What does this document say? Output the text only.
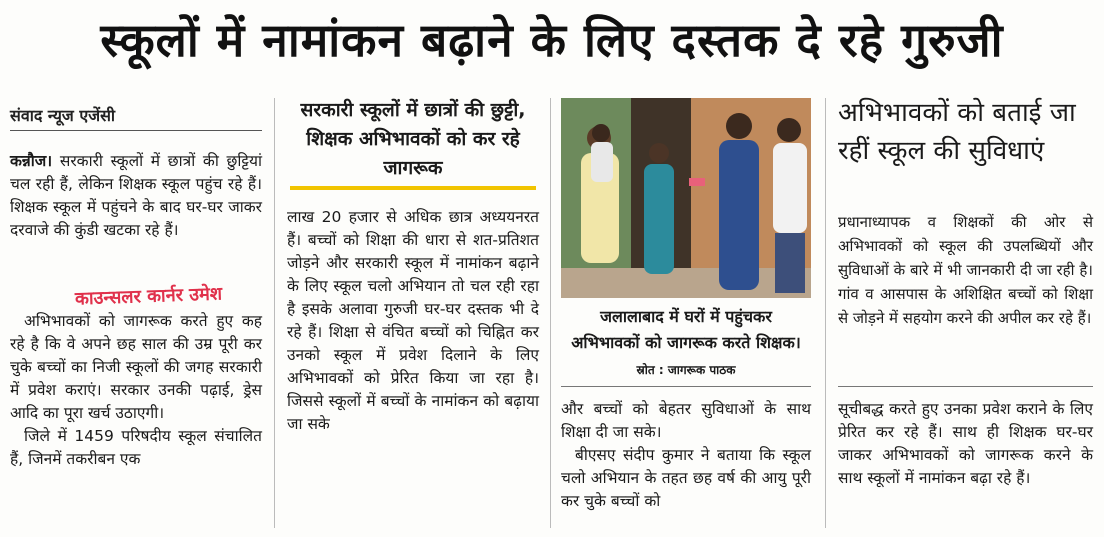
स्कूलों में नामांकन बढ़ाने के लिए दस्तक दे रहे गुरुजी
संवाद न्यूज एजेंसी

कन्नौज। सरकारी स्कूलों में छात्रों की छुट्टियां चल रही हैं, लेकिन शिक्षक स्कूल पहुंच रहे हैं। शिक्षक स्कूल में पहुंचने के बाद घर-घर जाकर दरवाजे की कुंडी खटका रहे हैं।

काउन्सलर कार्नर उमेश

अभिभावकों को जागरूक करते हुए कह रहे है कि वे अपने छह साल की उम्र पूरी कर चुके बच्चों का निजी स्कूलों की जगह सरकारी में प्रवेश कराएं। सरकार उनकी पढ़ाई, ड्रेस आदि का पूरा खर्च उठाएगी।

जिले में 1459 परिषदीय स्कूल संचालित हैं, जिनमें तकरीबन एक

सरकारी स्कूलों में छात्रों की छुट्टी, शिक्षक अभिभावकों को कर रहे जागरूक

लाख 20 हजार से अधिक छात्र अध्ययनरत हैं। बच्चों को शिक्षा की धारा से शत-प्रतिशत जोड़ने और सरकारी स्कूल में नामांकन बढ़ाने के लिए स्कूल चलो अभियान तो चल रही रहा है इसके अलावा गुरुजी घर-घर दस्तक भी दे रहे हैं। शिक्षा से वंचित बच्चों को चिह्नित कर उनको स्कूल में प्रवेश दिलाने के लिए अभिभावकों को प्रेरित किया जा रहा है। जिससे स्कूलों में बच्चों के नामांकन को बढ़ाया जा सके

जलालाबाद में घरों में पहुंचकर अभिभावकों को जागरूक करते शिक्षक। स्रोत : जागरूक पाठक

और बच्चों को बेहतर सुविधाओं के साथ शिक्षा दी जा सके।

बीएसए संदीप कुमार ने बताया कि स्कूल चलो अभियान के तहत छह वर्ष की आयु पूरी कर चुके बच्चों को

अभिभावकों को बताई जा रहीं स्कूल की सुविधाएं

प्रधानाध्यापक व शिक्षकों की ओर से अभिभावकों को स्कूल की उपलब्धियों और सुविधाओं के बारे में भी जानकारी दी जा रही है। गांव व आसपास के अशिक्षित बच्चों को शिक्षा से जोड़ने में सहयोग करने की अपील कर रहे हैं।

सूचीबद्ध करते हुए उनका प्रवेश कराने के लिए प्रेरित कर रहे हैं। साथ ही शिक्षक घर-घर जाकर अभिभावकों को जागरूक करने के साथ स्कूलों में नामांकन बढ़ा रहे हैं।
